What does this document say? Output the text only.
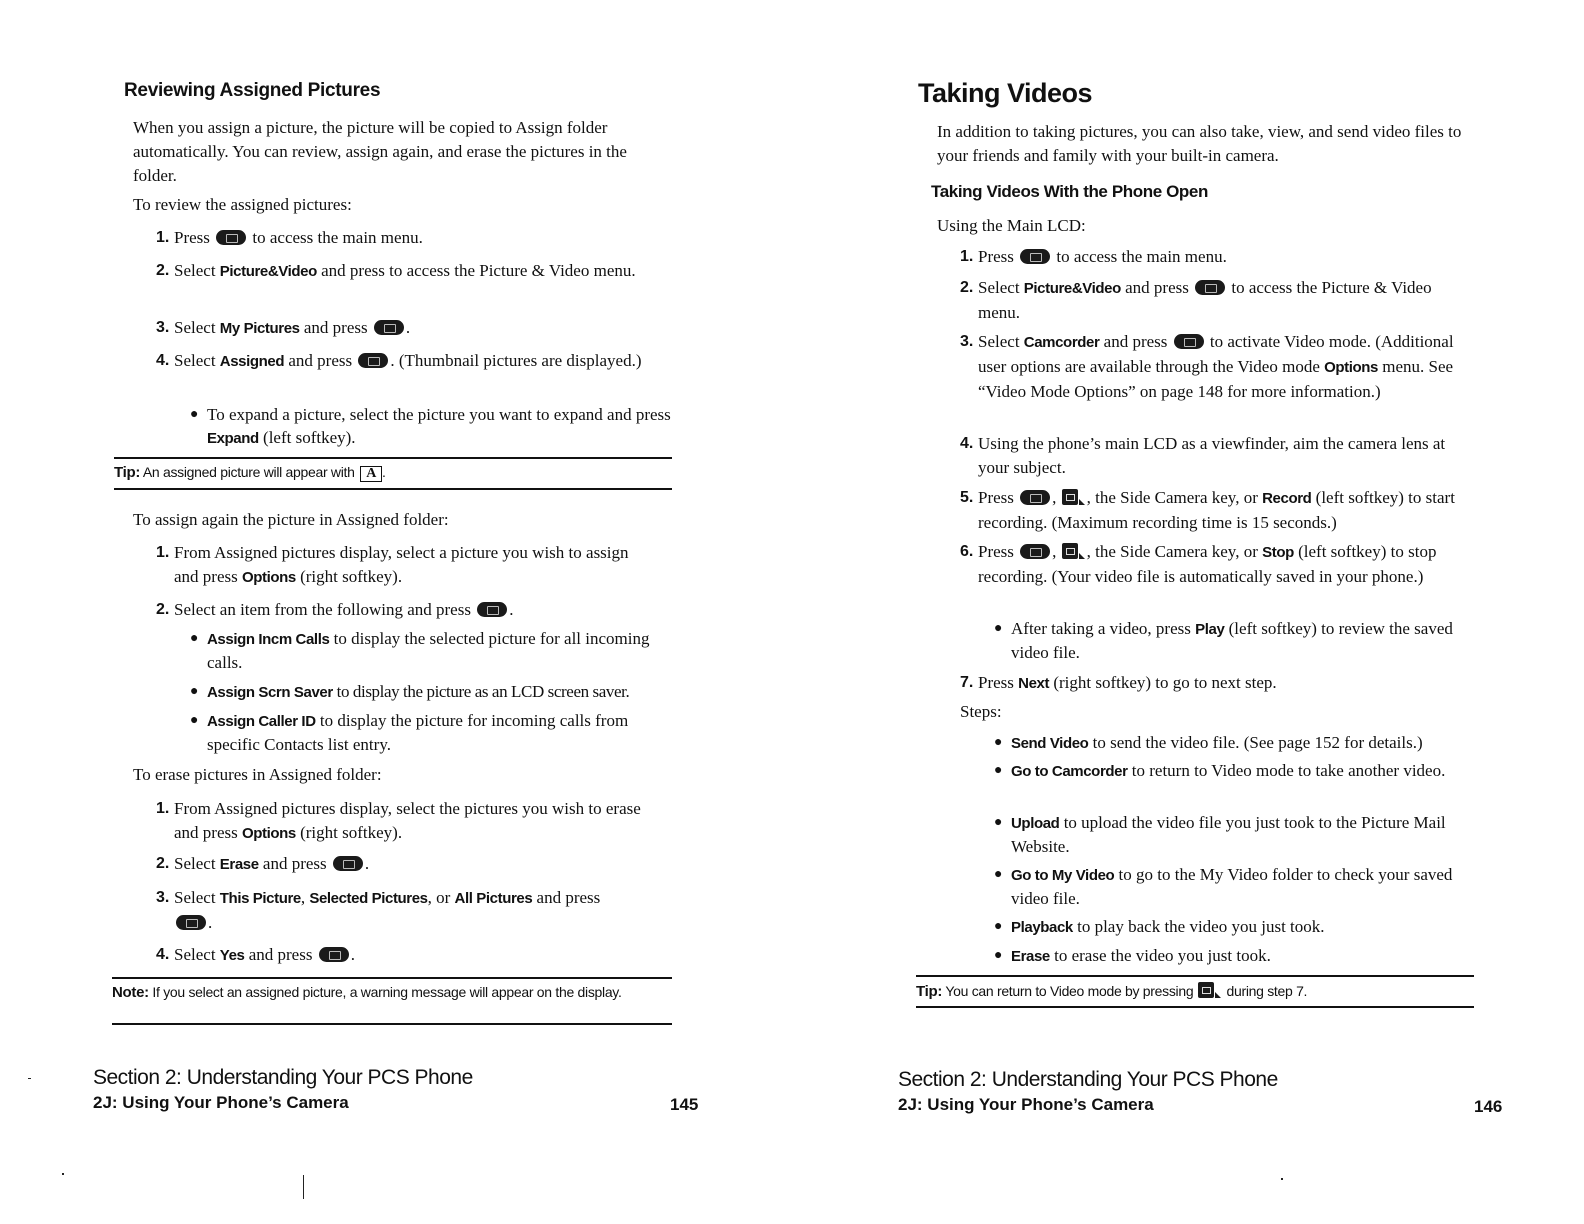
Reviewing Assigned Pictures
When you assign a picture, the picture will be copied to Assign folder automatically. You can review, assign again, and erase the pictures in the folder.
To review the assigned pictures:
1. Press	to access the main menu.
2. Select Picture&Video and press to access the Picture & Video menu.
3. Select My Pictures and press .
4. Select Assigned and press . (Thumbnail pictures are displayed.)
● To expand a picture, select the picture you want to expand and press Expand (left softkey).
Tip: An assigned picture will appear with A .
To assign again the picture in Assigned folder:
1. From Assigned pictures display, select a picture you wish to assign and press Options (right softkey).
2. Select an item from the following and press .
● Assign Incm Calls to display the selected picture for all incoming calls.
● Assign Scrn Saver to display the picture as an LCD screen saver.
● Assign Caller ID to display the picture for incoming calls from specific Contacts list entry.
To erase pictures in Assigned folder:
1. From Assigned pictures display, select the pictures you wish to erase and press Options (right softkey).
2. Select Erase and press .
3. Select This Picture, Selected Pictures, or All Pictures and press .
4. Select Yes and press .
Note: If you select an assigned picture, a warning message will appear on the display.
Section 2: Understanding Your PCS Phone
2J: Using Your Phone’s Camera	145
Taking Videos
In addition to taking pictures, you can also take, view, and send video files to your friends and family with your built-in camera.
Taking Videos With the Phone Open
Using the Main LCD:
1. Press	to access the main menu.
2. Select Picture&Video and press	to access the Picture & Video menu.
3. Select Camcorder and press	to activate Video mode. (Additional user options are available through the Video mode Options menu. See “Video Mode Options” on page 148 for more information.)
4. Using the phone’s main LCD as a viewfinder, aim the camera lens at your subject.
5. Press , , the Side Camera key, or Record (left softkey) to start recording. (Maximum recording time is 15 seconds.)
6. Press , , the Side Camera key, or Stop (left softkey) to stop recording. (Your video file is automatically saved in your phone.)
● After taking a video, press Play (left softkey) to review the saved video file.
7. Press Next (right softkey) to go to next step.
Steps:
● Send Video to send the video file. (See page 152 for details.)
● Go to Camcorder to return to Video mode to take another video.
● Upload to upload the video file you just took to the Picture Mail Website.
● Go to My Video to go to the My Video folder to check your saved video file.
● Playback to play back the video you just took.
● Erase to erase the video you just took.
Tip: You can return to Video mode by pressing during step 7.
Section 2: Understanding Your PCS Phone
2J: Using Your Phone’s Camera	146
